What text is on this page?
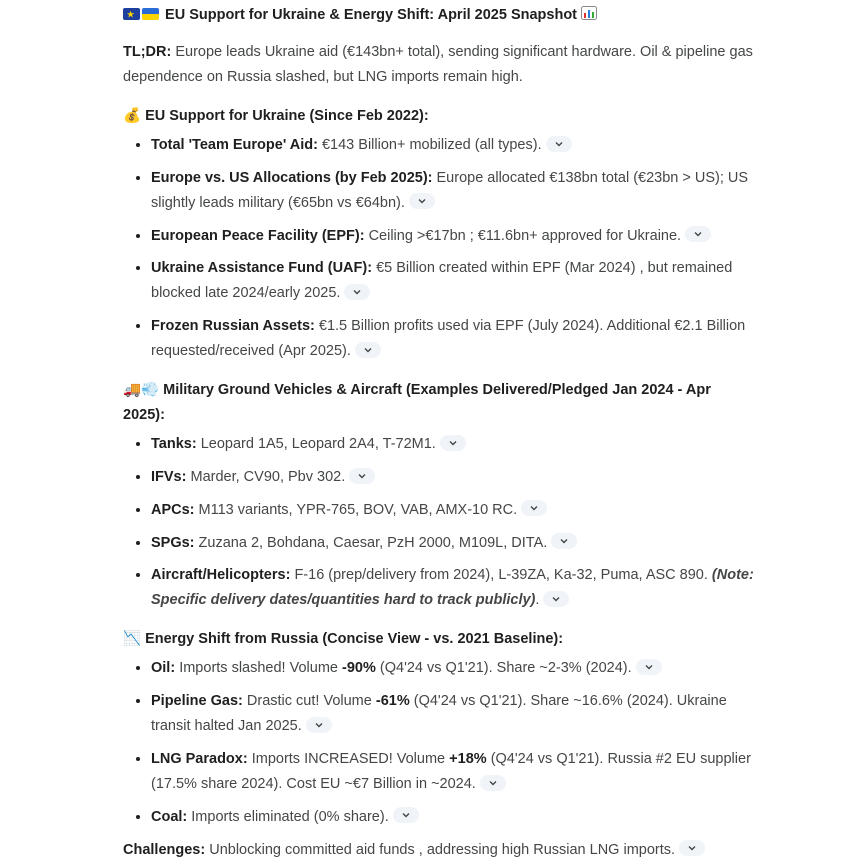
★ EU Support for Ukraine & Energy Shift: April 2025 Snapshot
TL;DR: Europe leads Ukraine aid (€143bn+ total), sending significant hardware. Oil & pipeline gas dependence on Russia slashed, but LNG imports remain high.
💰 EU Support for Ukraine (Since Feb 2022):
• Total 'Team Europe' Aid: €143 Billion+ mobilized (all types).
• Europe vs. US Allocations (by Feb 2025): Europe allocated €138bn total (€23bn > US); US slightly leads military (€65bn vs €64bn).
• European Peace Facility (EPF): Ceiling >€17bn ; €11.6bn+ approved for Ukraine.
• Ukraine Assistance Fund (UAF): €5 Billion created within EPF (Mar 2024) , but remained blocked late 2024/early 2025.
• Frozen Russian Assets: €1.5 Billion profits used via EPF (July 2024). Additional €2.1 Billion requested/received (Apr 2025).
🚚💨 Military Ground Vehicles & Aircraft (Examples Delivered/Pledged Jan 2024 - Apr 2025):
• Tanks: Leopard 1A5, Leopard 2A4, T-72M1.
• IFVs: Marder, CV90, Pbv 302.
• APCs: M113 variants, YPR-765, BOV, VAB, AMX-10 RC.
• SPGs: Zuzana 2, Bohdana, Caesar, PzH 2000, M109L, DITA.
• Aircraft/Helicopters: F-16 (prep/delivery from 2024), L-39ZA, Ka-32, Puma, ASC 890. (Note: Specific delivery dates/quantities hard to track publicly).
📉 Energy Shift from Russia (Concise View - vs. 2021 Baseline):
• Oil: Imports slashed! Volume -90% (Q4'24 vs Q1'21). Share ~2-3% (2024).
• Pipeline Gas: Drastic cut! Volume -61% (Q4'24 vs Q1'21). Share ~16.6% (2024). Ukraine transit halted Jan 2025.
• LNG Paradox: Imports INCREASED! Volume +18% (Q4'24 vs Q1'21). Russia #2 EU supplier (17.5% share 2024). Cost EU ~€7 Billion in ~2024.
• Coal: Imports eliminated (0% share).
Challenges: Unblocking committed aid funds , addressing high Russian LNG imports.
